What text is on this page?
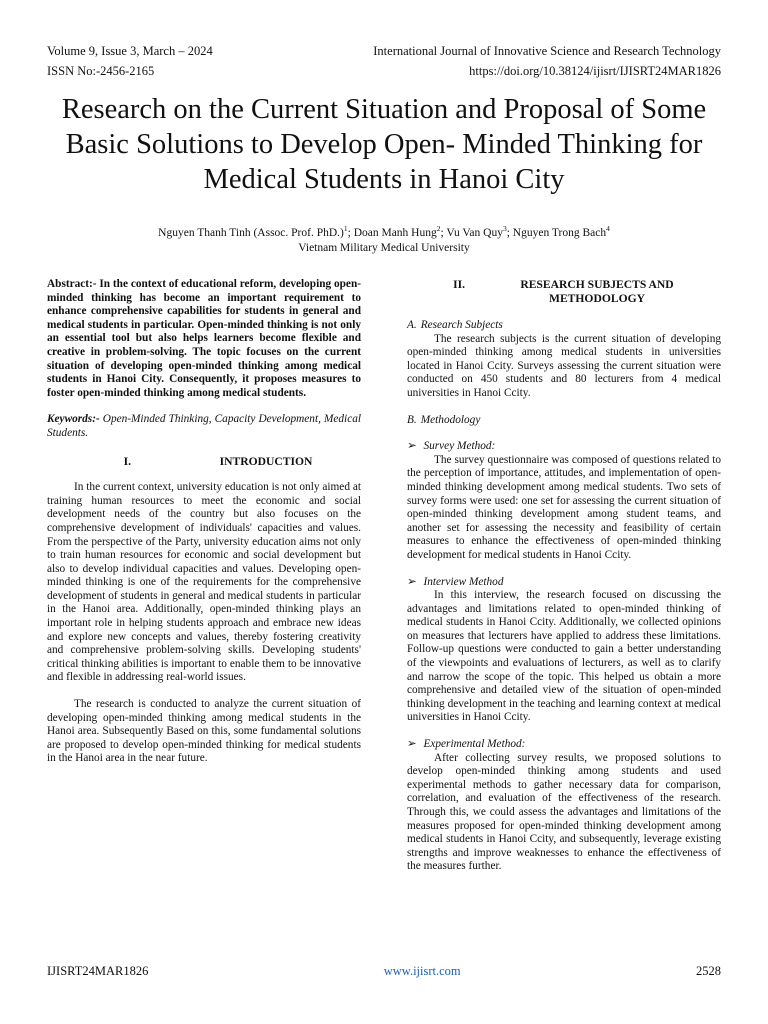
Volume 9, Issue 3, March – 2024	International Journal of Innovative Science and Research Technology
ISSN No:-2456-2165	https://doi.org/10.38124/ijisrt/IJISRT24MAR1826
Research on the Current Situation and Proposal of Some Basic Solutions to Develop Open- Minded Thinking for Medical Students in Hanoi City
Nguyen Thanh Tinh (Assoc. Prof. PhD.)$^1$; Doan Manh Hung$^2$; Vu Van Quy$^3$; Nguyen Trong Bach$^4$
Vietnam Military Medical University

Abstract:- In the context of educational reform, developing open-minded thinking has become an important requirement to enhance comprehensive capabilities for students in general and medical students in particular. Open-minded thinking is not only an essential tool but also helps learners become flexible and creative in problem-solving. The topic focuses on the current situation of developing open-minded thinking among medical students in Hanoi City. Consequently, it proposes measures to foster open-minded thinking among medical students.

Keywords:- Open-Minded Thinking, Capacity Development, Medical Students.

I.	INTRODUCTION

In the current context, university education is not only aimed at training human resources to meet the economic and social development needs of the country but also focuses on the comprehensive development of individuals' capacities and values. From the perspective of the Party, university education aims not only to train human resources for economic and social development but also to develop individual capacities and values. Developing open-minded thinking is one of the requirements for the comprehensive development of students in general and medical students in particular in the Hanoi area. Additionally, open-minded thinking plays an important role in helping students approach and embrace new ideas and explore new concepts and values, thereby fostering creativity and comprehensive problem-solving skills. Developing students' critical thinking abilities is important to enable them to be innovative and flexible in addressing real-world issues.

The research is conducted to analyze the current situation of developing open-minded thinking among medical students in the Hanoi area. Subsequently Based on this, some fundamental solutions are proposed to develop open-minded thinking for medical students in the Hanoi area in the near future.

II.	RESEARCH SUBJECTS AND
METHODOLOGY

A. Research Subjects

The research subjects is the current situation of developing open-minded thinking among medical students in universities located in Hanoi Ccity. Surveys assessing the current situation were conducted on 450 students and 80 lecturers from 4 medical universities in Hanoi Ccity.

B. Methodology

➢ Survey Method:

The survey questionnaire was composed of questions related to the perception of importance, attitudes, and implementation of open-minded thinking development among medical students. Two sets of survey forms were used: one set for assessing the current situation of open-minded thinking development among student teams, and another set for assessing the necessity and feasibility of certain measures to enhance the effectiveness of open-minded thinking development for medical students in Hanoi Ccity.

➢ Interview Method

In this interview, the research focused on discussing the advantages and limitations related to open-minded thinking of medical students in Hanoi Ccity. Additionally, we collected opinions on measures that lecturers have applied to address these limitations. Follow-up questions were conducted to gain a better understanding of the viewpoints and evaluations of lecturers, as well as to clarify and narrow the scope of the topic. This helped us obtain a more comprehensive and detailed view of the situation of open-minded thinking development in the teaching and learning context at medical universities in Hanoi Ccity.

➢ Experimental Method:

After collecting survey results, we proposed solutions to develop open-minded thinking among students and used experimental methods to gather necessary data for comparison, correlation, and evaluation of the effectiveness of the research. Through this, we could assess the advantages and limitations of the measures proposed for open-minded thinking development among medical students in Hanoi Ccity, and subsequently, leverage existing strengths and improve weaknesses to enhance the effectiveness of the measures further.

IJISRT24MAR1826	www.ijisrt.com	2528
